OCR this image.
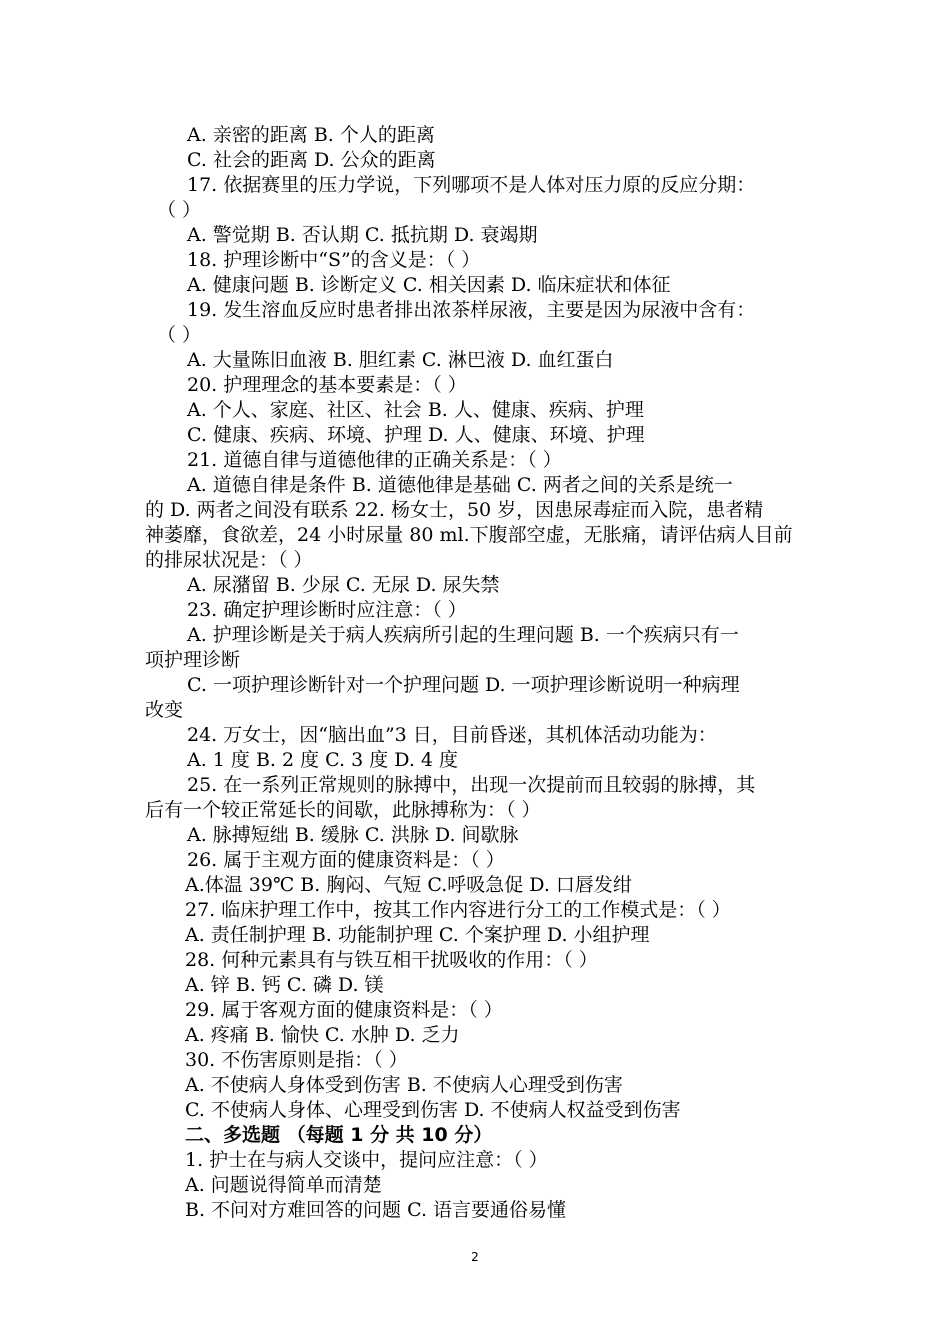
A. 亲密的距离 B. 个人的距离
C. 社会的距离 D. 公众的距离
17. 依据赛里的压力学说，下列哪项不是人体对压力原的反应分期：
（ ）
A. 警觉期 B. 否认期 C. 抵抗期 D. 衰竭期
18. 护理诊断中“S”的含义是：（ ）
A. 健康问题 B. 诊断定义 C. 相关因素 D. 临床症状和体征
19. 发生溶血反应时患者排出浓茶样尿液，主要是因为尿液中含有：
（ ）
A. 大量陈旧血液 B. 胆红素 C. 淋巴液 D. 血红蛋白
20. 护理理念的基本要素是：（ ）
A. 个人、家庭、社区、社会 B. 人、健康、疾病、护理
C. 健康、疾病、环境、护理 D. 人、健康、环境、护理
21. 道德自律与道德他律的正确关系是：（ ）
A. 道德自律是条件 B. 道德他律是基础 C. 两者之间的关系是统一
的 D. 两者之间没有联系 22. 杨女士，50 岁，因患尿毒症而入院，患者精
神萎靡，食欲差，24 小时尿量 80 ml.下腹部空虚，无胀痛，请评估病人目前
的排尿状况是：（ ）
A. 尿潴留 B. 少尿 C. 无尿 D. 尿失禁
23. 确定护理诊断时应注意：（ ）
A. 护理诊断是关于病人疾病所引起的生理问题 B. 一个疾病只有一
项护理诊断
C. 一项护理诊断针对一个护理问题 D. 一项护理诊断说明一种病理
改变
24. 万女士，因“脑出血”3 日，目前昏迷，其机体活动功能为：
A. 1 度 B. 2 度 C. 3 度 D. 4 度
25. 在一系列正常规则的脉搏中，出现一次提前而且较弱的脉搏，其
后有一个较正常延长的间歇，此脉搏称为：（ ）
A. 脉搏短绌 B. 缓脉 C. 洪脉 D. 间歇脉
26. 属于主观方面的健康资料是：（ ）
A.体温 39℃ B. 胸闷、气短 C.呼吸急促 D. 口唇发绀
27. 临床护理工作中，按其工作内容进行分工的工作模式是：（ ）
A. 责任制护理 B. 功能制护理 C. 个案护理 D. 小组护理
28. 何种元素具有与铁互相干扰吸收的作用：（ ）
A. 锌 B. 钙 C. 磷 D. 镁
29. 属于客观方面的健康资料是：（ ）
A. 疼痛 B. 愉快 C. 水肿 D. 乏力
30. 不伤害原则是指：（ ）
A. 不使病人身体受到伤害 B. 不使病人心理受到伤害
C. 不使病人身体、心理受到伤害 D. 不使病人权益受到伤害
二、多选题 （每题 1 分 共 10 分）
1. 护士在与病人交谈中，提问应注意：（ ）
A. 问题说得简单而清楚
B. 不问对方难回答的问题 C. 语言要通俗易懂
2
